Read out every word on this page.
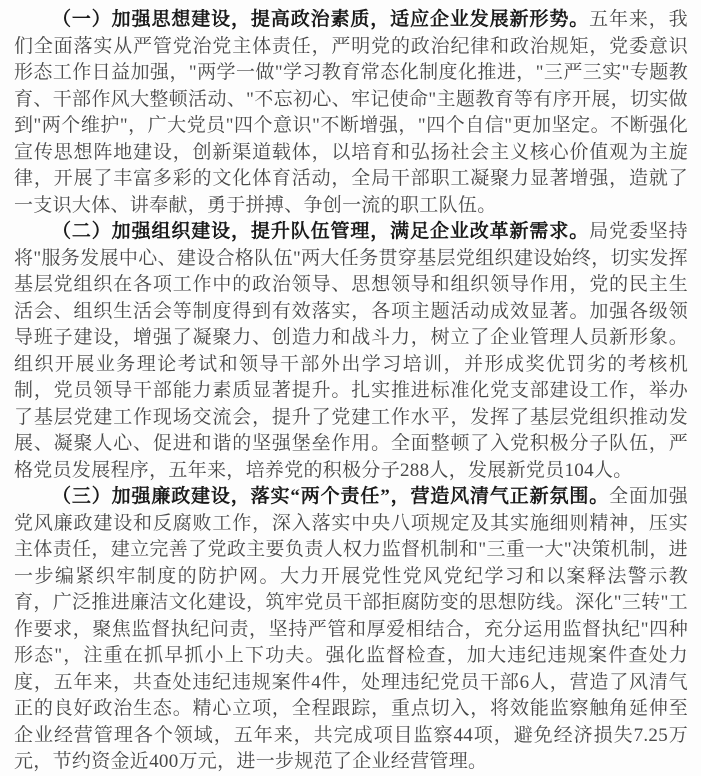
（一）加强思想建设，提高政治素质，适应企业发展新形势。五年来，我们全面落实从严管党治党主体责任，严明党的政治纪律和政治规矩，党委意识形态工作日益加强，"两学一做"学习教育常态化制度化推进，"三严三实"专题教育、干部作风大整顿活动、"不忘初心、牢记使命"主题教育等有序开展，切实做到"两个维护"，广大党员"四个意识"不断增强，"四个自信"更加坚定。不断强化宣传思想阵地建设，创新渠道载体，以培育和弘扬社会主义核心价值观为主旋律，开展了丰富多彩的文化体育活动，全局干部职工凝聚力显著增强，造就了一支识大体、讲奉献，勇于拼搏、争创一流的职工队伍。

（二）加强组织建设，提升队伍管理，满足企业改革新需求。局党委坚持将"服务发展中心、建设合格队伍"两大任务贯穿基层党组织建设始终，切实发挥基层党组织在各项工作中的政治领导、思想领导和组织领导作用，党的民主生活会、组织生活会等制度得到有效落实，各项主题活动成效显著。加强各级领导班子建设，增强了凝聚力、创造力和战斗力，树立了企业管理人员新形象。组织开展业务理论考试和领导干部外出学习培训，并形成奖优罚劣的考核机制，党员领导干部能力素质显著提升。扎实推进标准化党支部建设工作，举办了基层党建工作现场交流会，提升了党建工作水平，发挥了基层党组织推动发展、凝聚人心、促进和谐的坚强堡垒作用。全面整顿了入党积极分子队伍，严格党员发展程序，五年来，培养党的积极分子288人，发展新党员104人。

（三）加强廉政建设，落实“两个责任”，营造风清气正新氛围。全面加强党风廉政建设和反腐败工作，深入落实中央八项规定及其实施细则精神，压实主体责任，建立完善了党政主要负责人权力监督机制和"三重一大"决策机制，进一步编紧织牢制度的防护网。大力开展党性党风党纪学习和以案释法警示教育，广泛推进廉洁文化建设，筑牢党员干部拒腐防变的思想防线。深化"三转"工作要求，聚焦监督执纪问责，坚持严管和厚爱相结合，充分运用监督执纪"四种形态"，注重在抓早抓小上下功夫。强化监督检查，加大违纪违规案件查处力度，五年来，共查处违纪违规案件4件，处理违纪党员干部6人，营造了风清气正的良好政治生态。精心立项，全程跟踪，重点切入，将效能监察触角延伸至企业经营管理各个领域，五年来，共完成项目监察44项，避免经济损失7.25万元，节约资金近400万元，进一步规范了企业经营管理。
